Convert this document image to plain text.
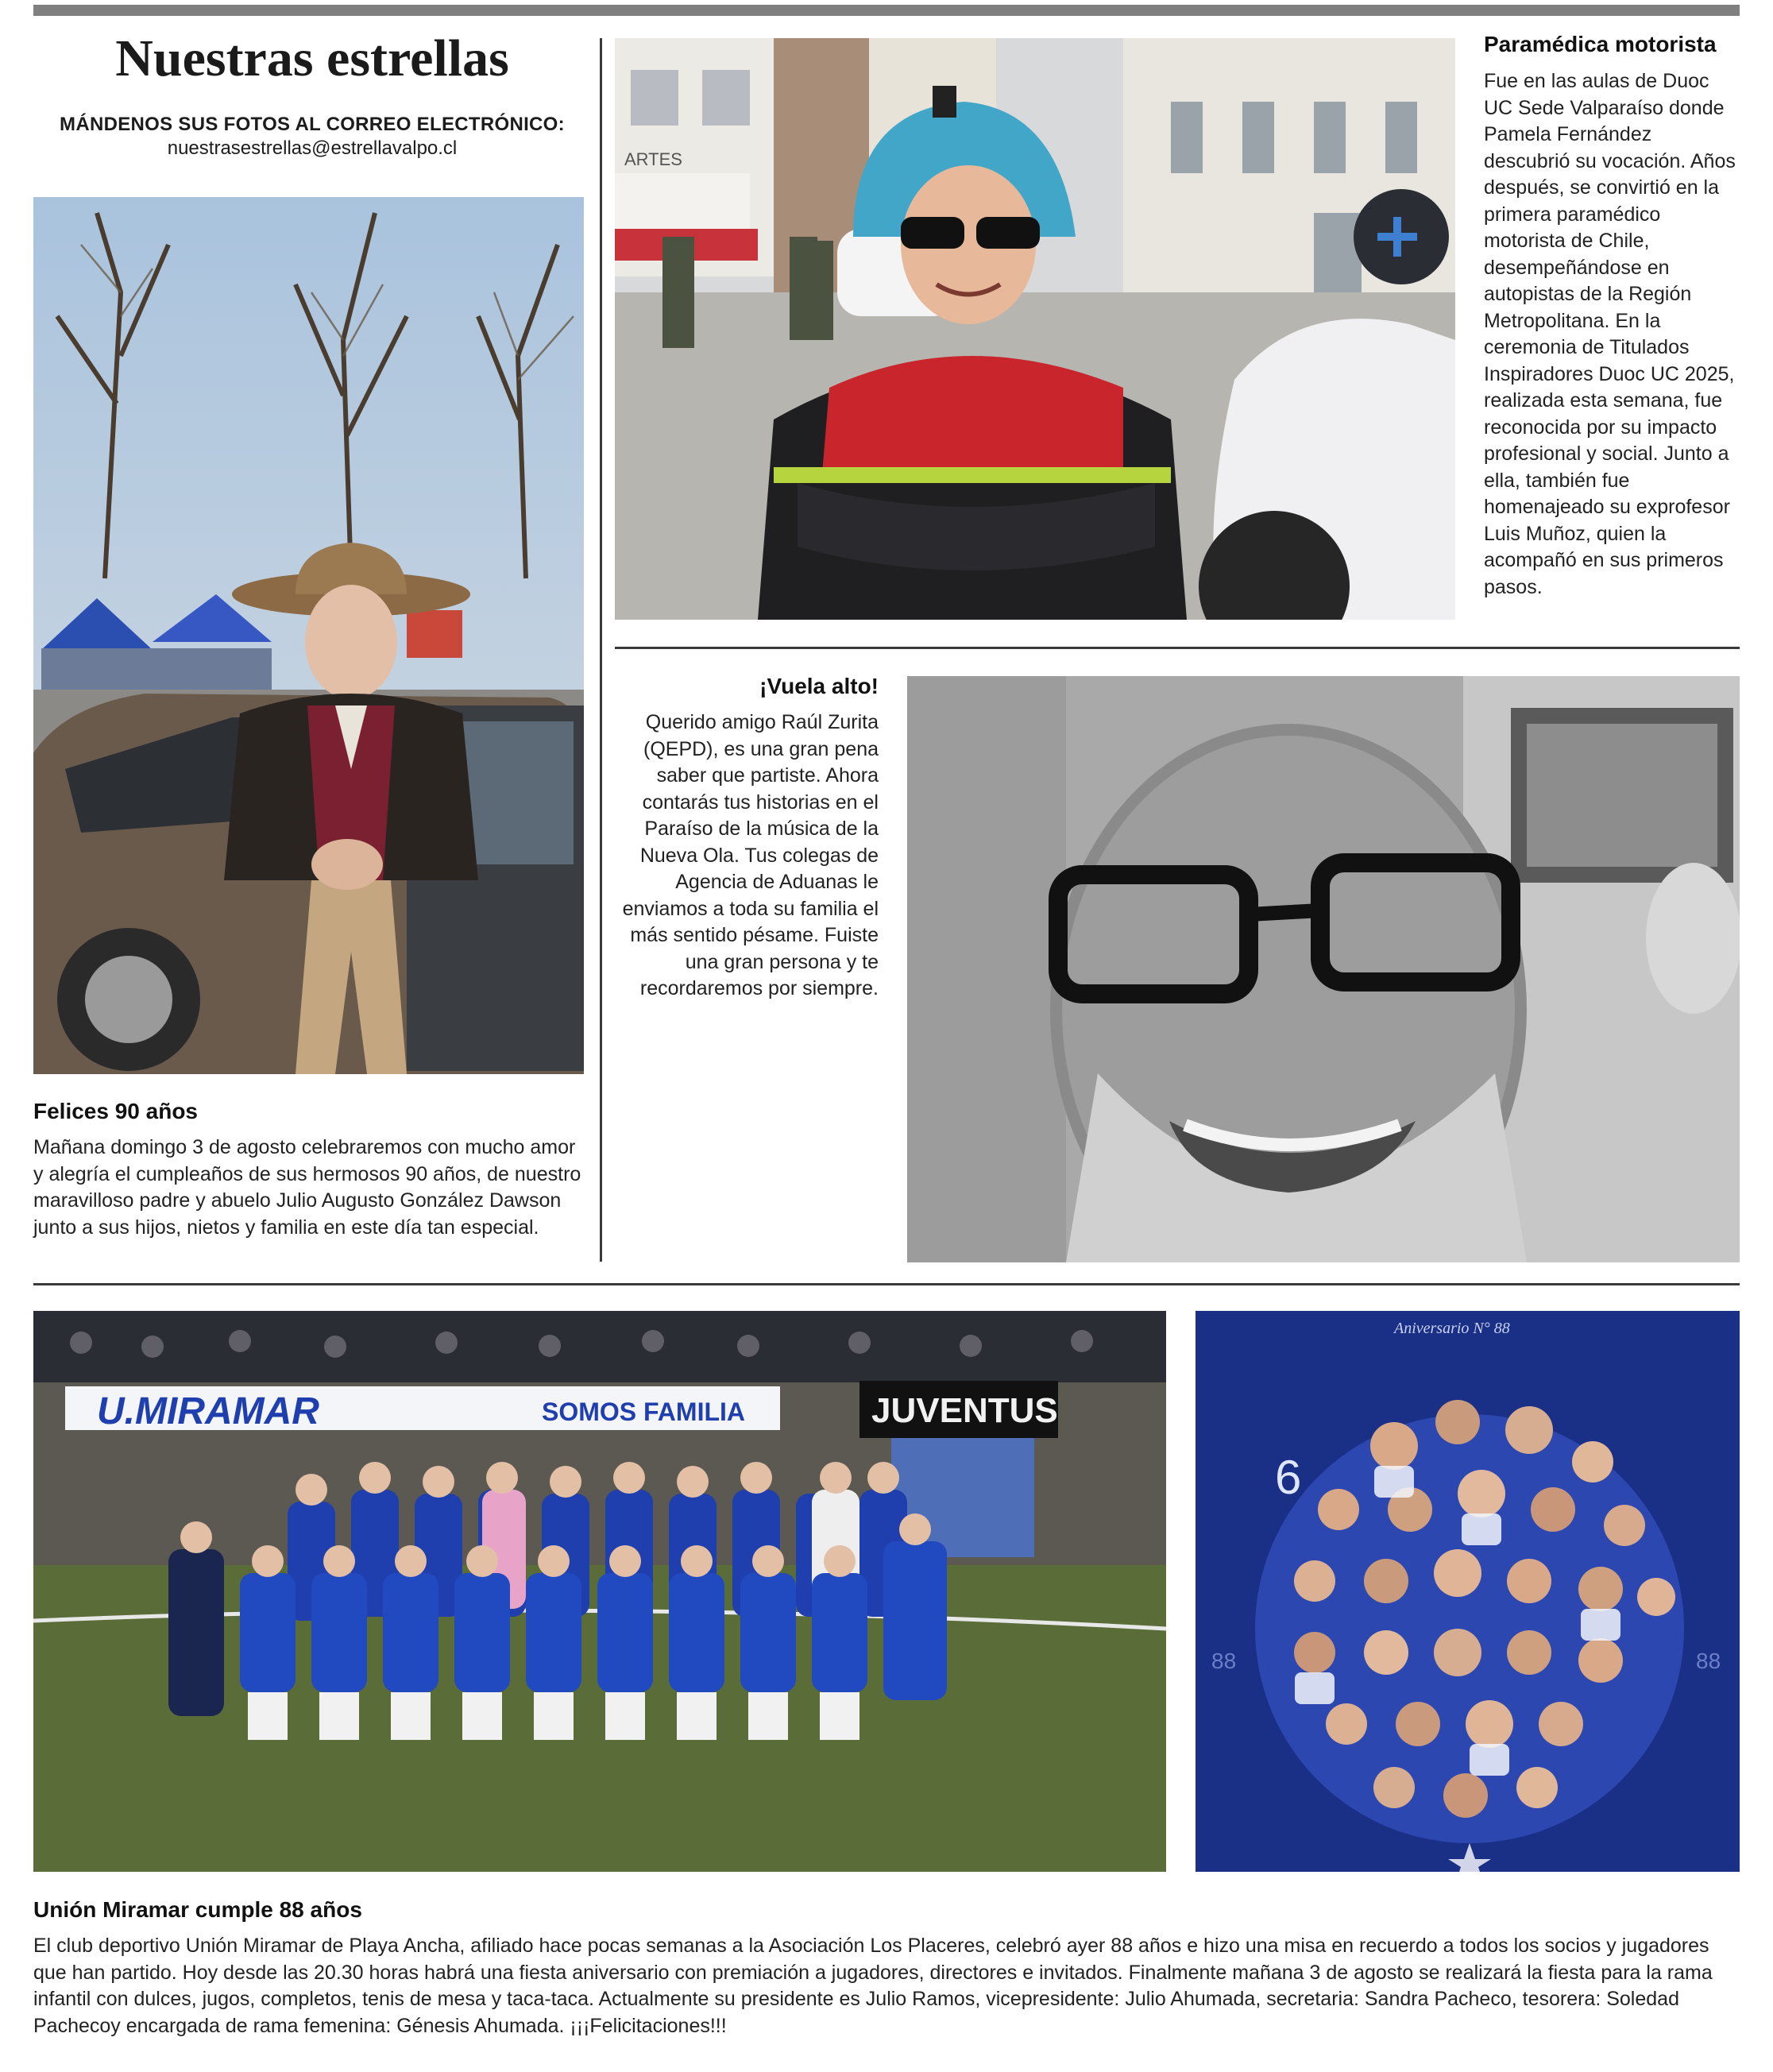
Nuestras estrellas
MÁNDENOS SUS FOTOS AL CORREO ELECTRÓNICO:
nuestrasestrellas@estrellavalpo.cl
ARTES
U.MIRAMAR	SOMOS FAMILIA	JUVENTUS
Aniversario N° 88
6
88	88
Paramédica motorista
Fue en las aulas de Duoc UC Sede Valparaíso donde Pamela Fernández descubrió su vocación. Años después, se convirtió en la primera paramédico motorista de Chile, desempeñándose en autopistas de la Región Metropolitana. En la ceremonia de Titulados Inspiradores Duoc UC 2025, realizada esta semana, fue reconocida por su impacto profesional y social. Junto a ella, también fue homenajeado su exprofesor Luis Muñoz, quien la acompañó en sus primeros pasos.
¡Vuela alto!
Querido amigo Raúl Zurita (QEPD), es una gran pena saber que partiste. Ahora contarás tus historias en el Paraíso de la música de la Nueva Ola. Tus colegas de Agencia de Aduanas le enviamos a toda su familia el más sentido pésame. Fuiste una gran persona y te recordaremos por siempre.
Felices 90 años
Mañana domingo 3 de agosto celebraremos con mucho amor y alegría el cumpleaños de sus hermosos 90 años, de nuestro maravilloso padre y abuelo Julio Augusto González Dawson junto a sus hijos, nietos y familia en este día tan especial.
Unión Miramar cumple 88 años
El club deportivo Unión Miramar de Playa Ancha, afiliado hace pocas semanas a la Asociación Los Placeres, celebró ayer 88 años e hizo una misa en recuerdo a todos los socios y jugadores que han partido. Hoy desde las 20.30 horas habrá una fiesta aniversario con premiación a jugadores, directores e invitados. Finalmente mañana 3 de agosto se realizará la fiesta para la rama infantil con dulces, jugos, completos, tenis de mesa y taca-taca. Actualmente su presidente es Julio Ramos, vicepresidente: Julio Ahumada, secretaria: Sandra Pacheco, tesorera: Soledad Pachecoy encargada de rama femenina: Génesis Ahumada. ¡¡¡Felicitaciones!!!
